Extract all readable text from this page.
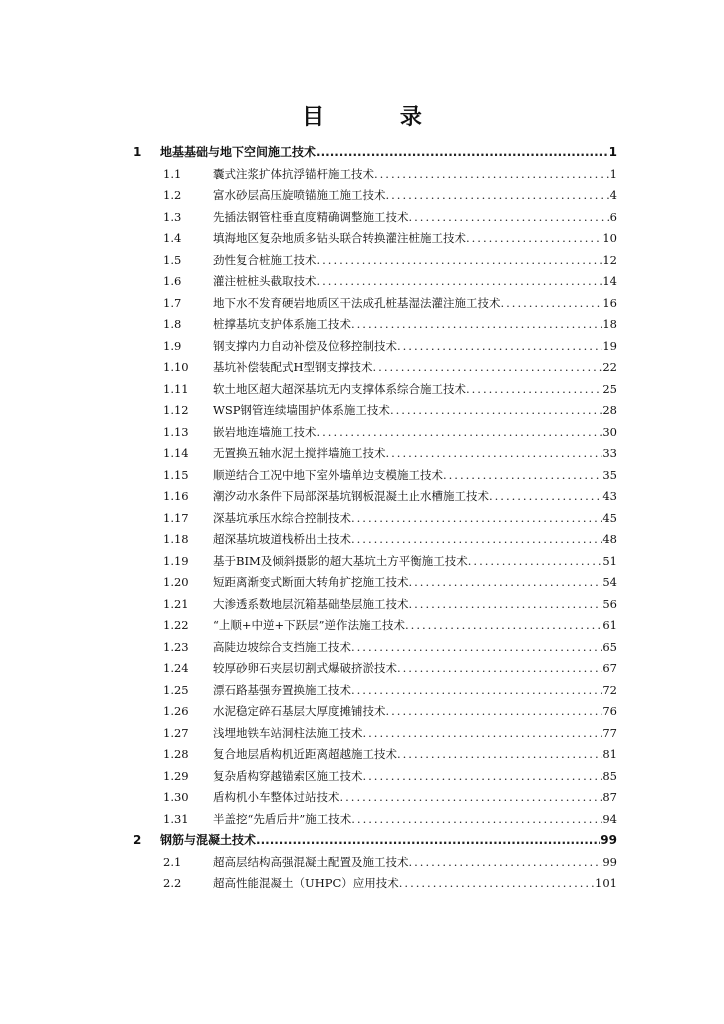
目 录
1 地基基础与地下空间施工技术 .....	1
1.1	囊式注浆扩体抗浮锚杆施工技术 .....	1
1.2	富水砂层高压旋喷锚施工施工技术 .....	4
1.3	先插法钢管柱垂直度精确调整施工技术 .....	6
1.4	填海地区复杂地质多钻头联合转换灌注桩施工技术 .....	10
1.5	劲性复合桩施工技术 .....	12
1.6	灌注桩桩头截取技术 .....	14
1.7	地下水不发育硬岩地质区干法成孔桩基湿法灌注施工技术 .....	16
1.8	桩撑基坑支护体系施工技术 .....	18
1.9	钢支撑内力自动补偿及位移控制技术 .....	19
1.10 基坑补偿装配式H型钢支撑技术 .....	22
1.11 软土地区超大超深基坑无内支撑体系综合施工技术 .....	25
1.12 WSP钢管连续墙围护体系施工技术 .....	28
1.13 嵌岩地连墙施工技术 .....	30
1.14 无置换五轴水泥土搅拌墙施工技术 .....	33
1.15 顺逆结合工况中地下室外墙单边支模施工技术 .....	35
1.16 潮汐动水条件下局部深基坑钢板混凝土止水槽施工技术 .....	43
1.17 深基坑承压水综合控制技术 .....	45
1.18 超深基坑坡道栈桥出土技术 .....	48
1.19 基于BIM及倾斜摄影的超大基坑土方平衡施工技术 .....	51
1.20 短距离渐变式断面大转角扩挖施工技术 .....	54
1.21 大渗透系数地层沉箱基础垫层施工技术 .....	56
1.22 “上顺+中逆+下跃层”逆作法施工技术 .....	61
1.23 高陡边坡综合支挡施工技术 .....	65
1.24 较厚砂卵石夹层切割式爆破挤淤技术 .....	67
1.25 漂石路基强夯置换施工技术 .....	72
1.26 水泥稳定碎石基层大厚度摊铺技术 .....	76
1.27 浅埋地铁车站洞柱法施工技术 .....	77
1.28 复合地层盾构机近距离超越施工技术 .....	81
1.29 复杂盾构穿越锚索区施工技术 .....	85
1.30 盾构机小车整体过站技术 .....	87
1.31 半盖挖“先盾后井”施工技术 .....	94
2 钢筋与混凝土技术 .....	99
2.1	超高层结构高强混凝土配置及施工技术 .....	99
2.2	超高性能混凝土（UHPC）应用技术 .....	101
